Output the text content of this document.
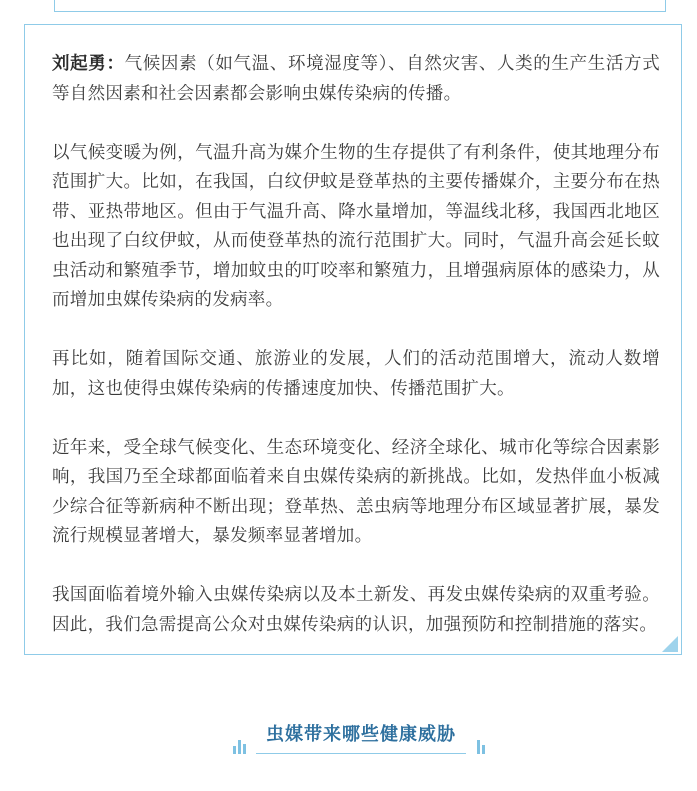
刘起勇：气候因素（如气温、环境湿度等）、自然灾害、人类的生产生活方式等自然因素和社会因素都会影响虫媒传染病的传播。

以气候变暖为例，气温升高为媒介生物的生存提供了有利条件，使其地理分布范围扩大。比如，在我国，白纹伊蚊是登革热的主要传播媒介，主要分布在热带、亚热带地区。但由于气温升高、降水量增加，等温线北移，我国西北地区也出现了白纹伊蚊，从而使登革热的流行范围扩大。同时，气温升高会延长蚊虫活动和繁殖季节，增加蚊虫的叮咬率和繁殖力，且增强病原体的感染力，从而增加虫媒传染病的发病率。

再比如，随着国际交通、旅游业的发展，人们的活动范围增大，流动人数增加，这也使得虫媒传染病的传播速度加快、传播范围扩大。

近年来，受全球气候变化、生态环境变化、经济全球化、城市化等综合因素影响，我国乃至全球都面临着来自虫媒传染病的新挑战。比如，发热伴血小板减少综合征等新病种不断出现；登革热、恙虫病等地理分布区域显著扩展，暴发流行规模显著增大，暴发频率显著增加。

我国面临着境外输入虫媒传染病以及本土新发、再发虫媒传染病的双重考验。因此，我们急需提高公众对虫媒传染病的认识，加强预防和控制措施的落实。

虫媒带来哪些健康威胁
